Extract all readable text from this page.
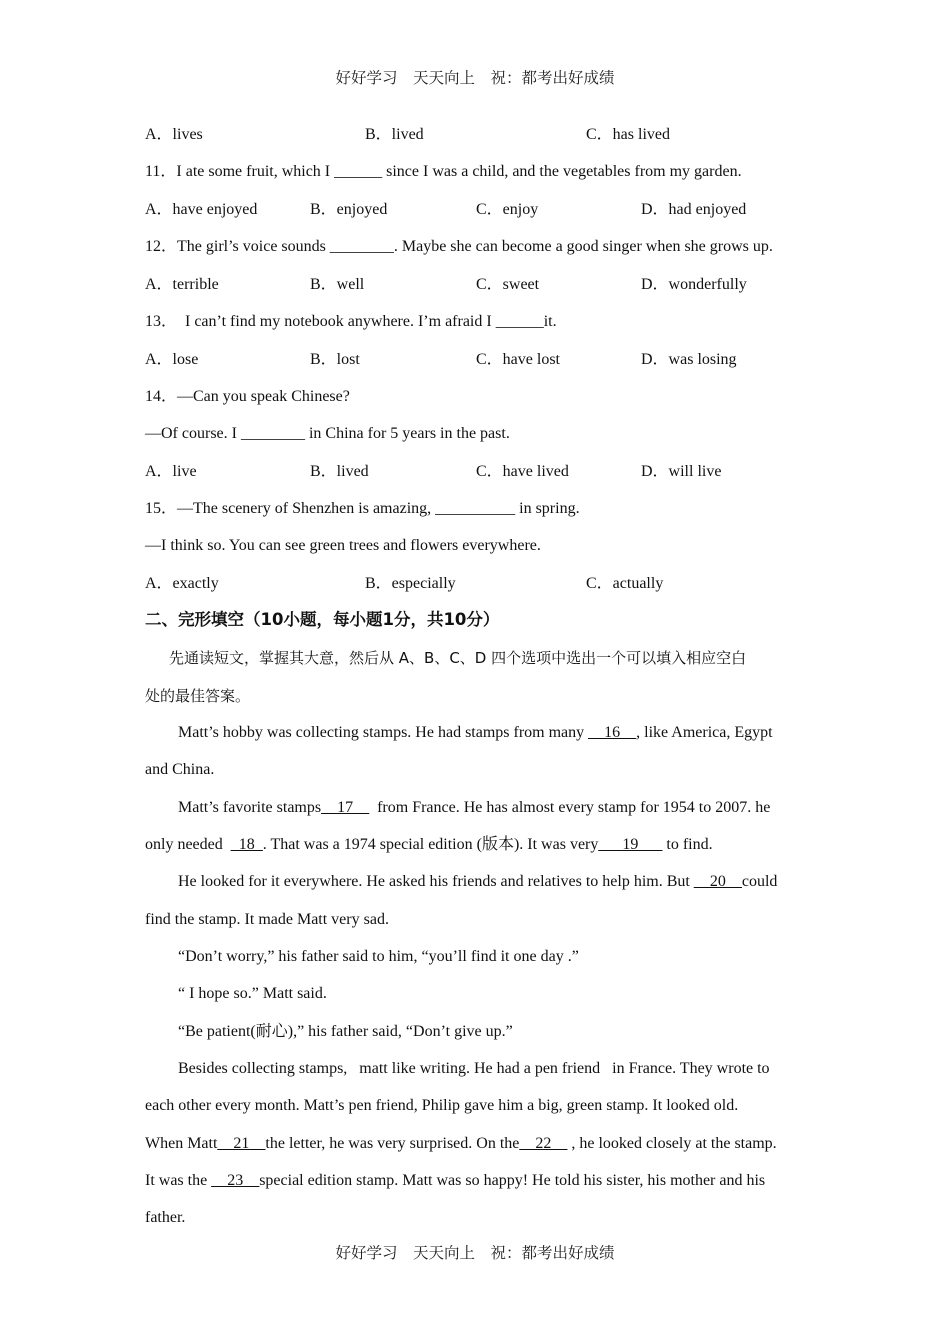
好好学习　天天向上　祝：都考出好成绩
A．lives	B．lived	C．has lived
11．I ate some fruit, which I ______ since I was a child, and the vegetables from my garden.
A．have enjoyed	B．enjoyed	C．enjoy	D．had enjoyed
12．The girl’s voice sounds ________. Maybe she can become a good singer when she grows up.
A．terrible	B．well	C．sweet	D．wonderfully
13．  I can’t find my notebook anywhere. I’m afraid I ______it.
A．lose	B．lost	C．have lost	D．was losing
14．—Can you speak Chinese?
—Of course. I ________ in China for 5 years in the past.
A．live	B．lived	C．have lived	D．will live
15．—The scenery of Shenzhen is amazing, __________ in spring.
—I think so. You can see green trees and flowers everywhere.
A．exactly	B．especially	C．actually
二、完形填空（10小题，每小题1分，共10分）
先通读短文，掌握其大意，然后从 A、B、C、D 四个选项中选出一个可以填入相应空白
处的最佳答案。
Matt’s hobby was collecting stamps. He had stamps from many __16__, like America, Egypt
and China.
Matt’s favorite stamps__17__  from France. He has almost every stamp for 1954 to 2007. he
only needed  _18_. That was a 1974 special edition (版本). It was very___19___ to find.
He looked for it everywhere. He asked his friends and relatives to help him. But __20__could
find the stamp. It made Matt very sad.
“Don’t worry,” his father said to him, “you’ll find it one day .”
“ I hope so.” Matt said.
“Be patient(耐心),” his father said, “Don’t give up.”
Besides collecting stamps,   matt like writing. He had a pen friend   in France. They wrote to
each other every month. Matt’s pen friend, Philip gave him a big, green stamp. It looked old.
When Matt__21__the letter, he was very surprised. On the__22__ , he looked closely at the stamp.
It was the __23__special edition stamp. Matt was so happy! He told his sister, his mother and his
father.
好好学习　天天向上　祝：都考出好成绩
